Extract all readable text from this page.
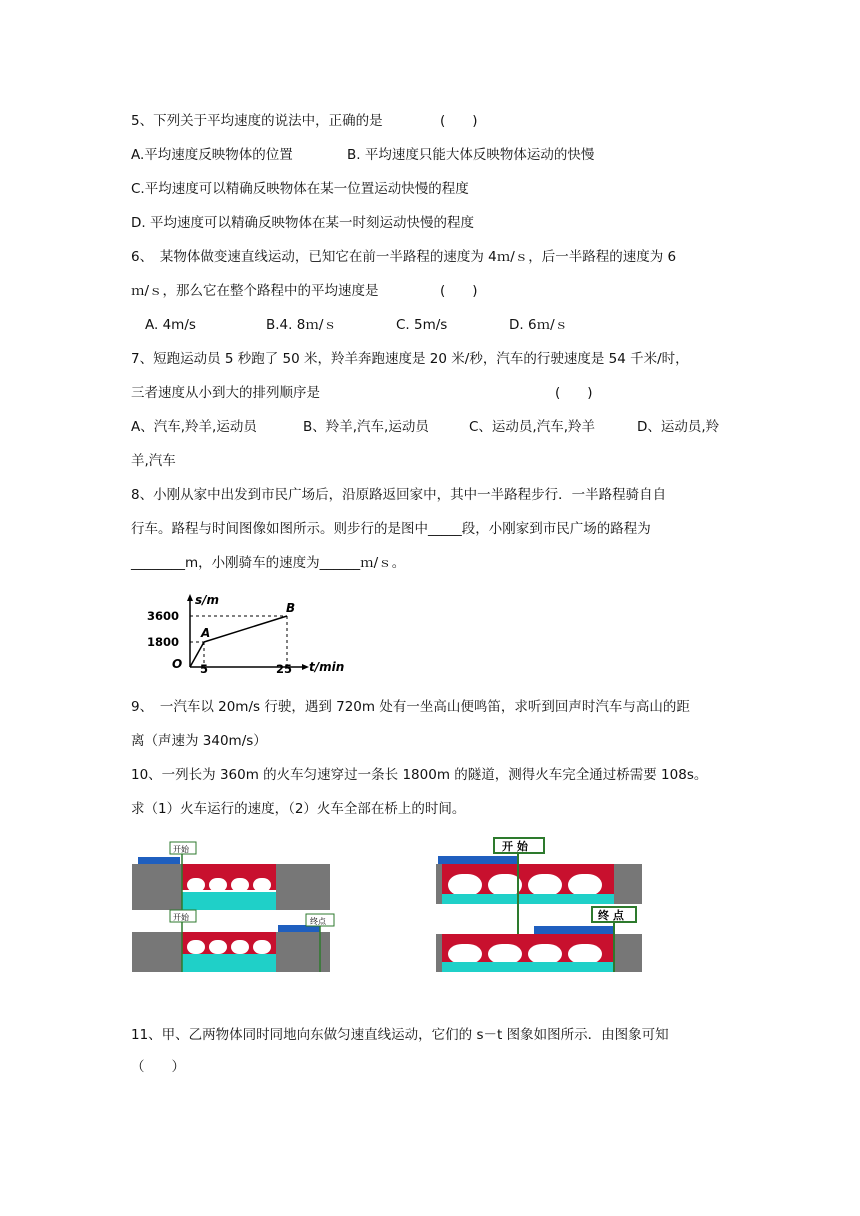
5、下列关于平均速度的说法中，正确的是	(　　)
A.平均速度反映物体的位置	B. 平均速度只能大体反映物体运动的快慢
C.平均速度可以精确反映物体在某一位置运动快慢的程度
D. 平均速度可以精确反映物体在某一时刻运动快慢的程度
6、　某物体做变速直线运动，已知它在前一半路程的速度为 4ｍ/ｓ，后一半路程的速度为 6
ｍ/ｓ，那么它在整个路程中的平均速度是	(　　)
A. 4m/s	B.4. 8ｍ/ｓ	C. 5m/s	D. 6ｍ/ｓ
7、短跑运动员 5 秒跑了 50 米，羚羊奔跑速度是 20 米/秒，汽车的行驶速度是 54 千米/时，
三者速度从小到大的排列顺序是	(　　)
A、汽车,羚羊,运动员	B、羚羊,汽车,运动员	C、运动员,汽车,羚羊	D、运动员,羚
羊,汽车
8、小刚从家中出发到市民广场后，沿原路返回家中，其中一半路程步行．一半路程骑自自
行车。路程与时间图像如图所示。则步行的是图中_____段，小刚家到市民广场的路程为
________m，小刚骑车的速度为______ｍ/ｓ。
s/m
t/min
O
3600
1800
5	25
A
B
9、　一汽车以 20m/s 行驶，遇到 720m 处有一坐高山便鸣笛，求听到回声时汽车与高山的距
离（声速为 340m/s）
10、一列长为 360m 的火车匀速穿过一条长 1800m 的隧道，测得火车完全通过桥需要 108s。
求（1）火车运行的速度，（2）火车全部在桥上的时间。
开始
开始	终点
开 始
终 点
11、甲、乙两物体同时同地向东做匀速直线运动，它们的 s－t 图象如图所示．由图象可知
（　　）
